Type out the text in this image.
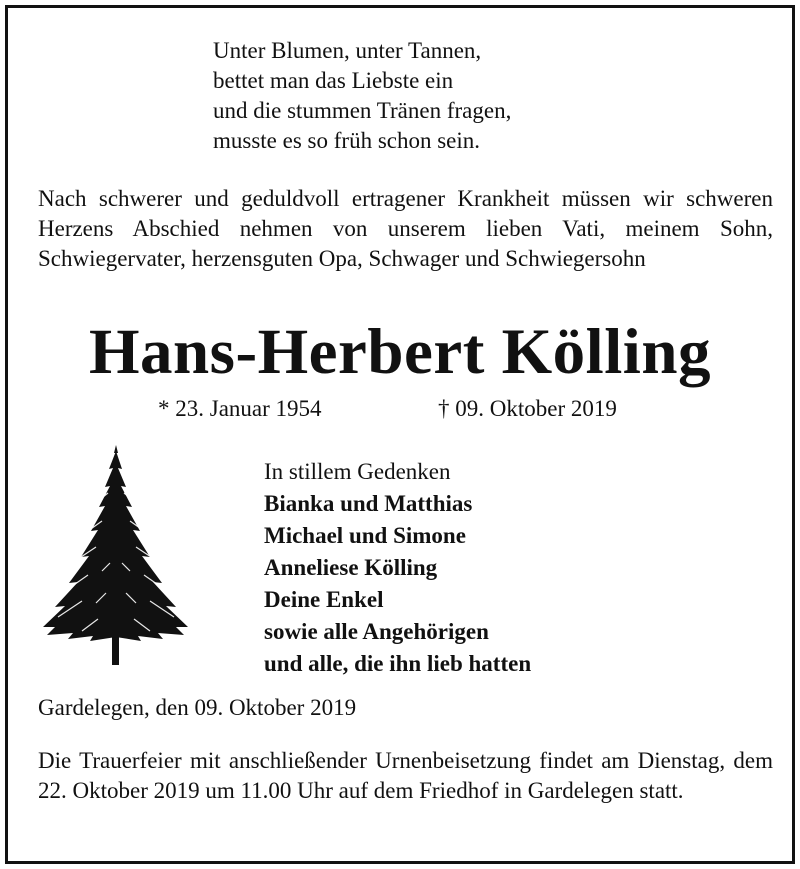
Unter Blumen, unter Tannen,
bettet man das Liebste ein
und die stummen Tränen fragen,
musste es so früh schon sein.
Nach schwerer und geduldvoll ertragener Krankheit müssen wir schweren Herzens Abschied nehmen von unserem lieben Vati, meinem Sohn, Schwiegervater, herzensguten Opa, Schwager und Schwiegersohn
Hans-Herbert Kölling
* 23. Januar 1954	† 09. Oktober 2019
In stillem Gedenken
Bianka und Matthias
Michael und Simone
Anneliese Kölling
Deine Enkel
sowie alle Angehörigen
und alle, die ihn lieb hatten
Gardelegen, den 09. Oktober 2019
Die Trauerfeier mit anschließender Urnenbeisetzung findet am Dienstag, dem 22. Oktober 2019 um 11.00 Uhr auf dem Friedhof in Gardelegen statt.
